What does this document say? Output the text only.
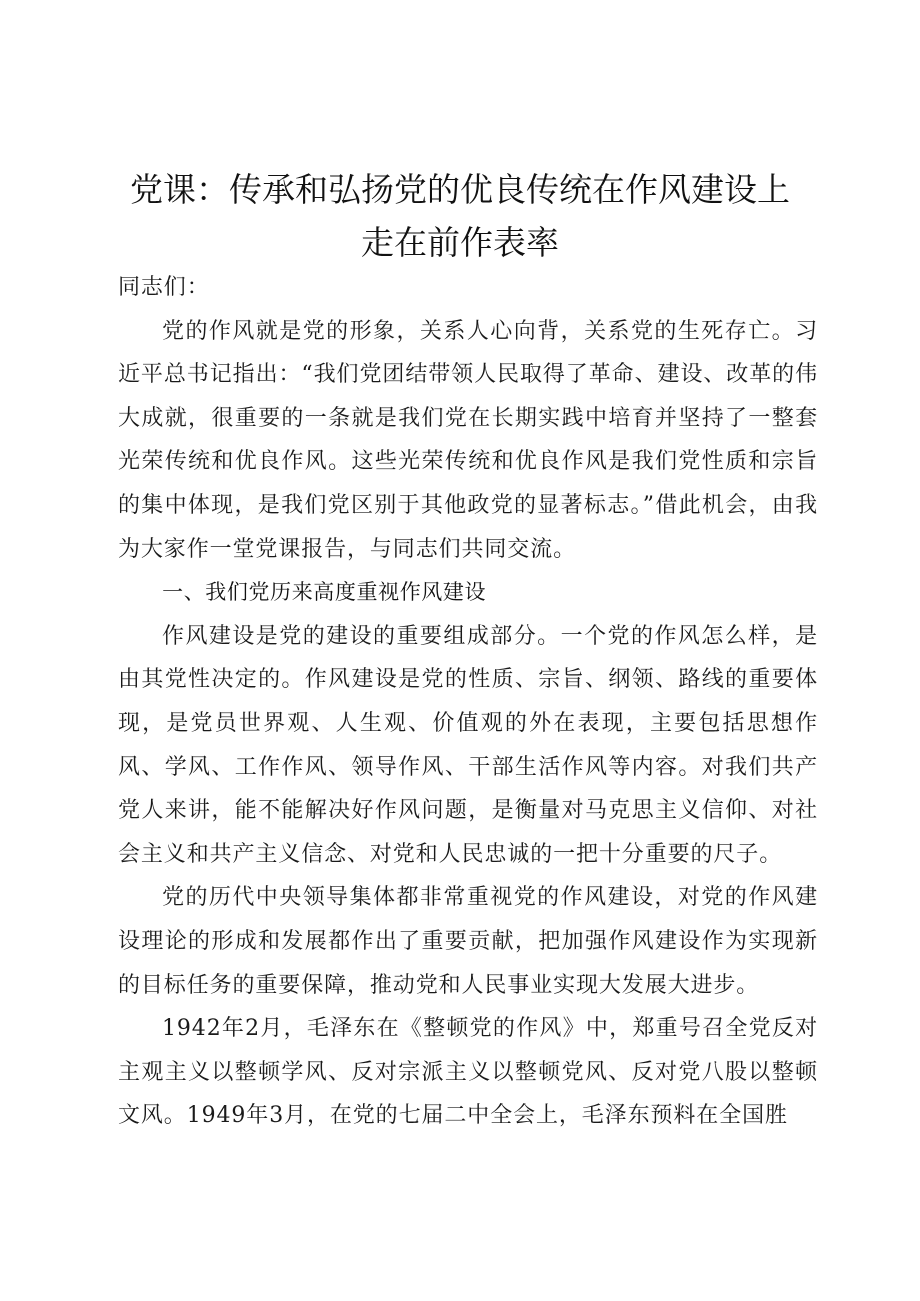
党课：传承和弘扬党的优良传统在作风建设上
走在前作表率

同志们：

党的作风就是党的形象，关系人心向背，关系党的生死存亡。习近平总书记指出：“我们党团结带领人民取得了革命、建设、改革的伟大成就，很重要的一条就是我们党在长期实践中培育并坚持了一整套光荣传统和优良作风。这些光荣传统和优良作风是我们党性质和宗旨的集中体现，是我们党区别于其他政党的显著标志。”借此机会，由我为大家作一堂党课报告，与同志们共同交流。

一、我们党历来高度重视作风建设

作风建设是党的建设的重要组成部分。一个党的作风怎么样，是由其党性决定的。作风建设是党的性质、宗旨、纲领、路线的重要体现，是党员世界观、人生观、价值观的外在表现，主要包括思想作风、学风、工作作风、领导作风、干部生活作风等内容。对我们共产党人来讲，能不能解决好作风问题，是衡量对马克思主义信仰、对社会主义和共产主义信念、对党和人民忠诚的一把十分重要的尺子。

党的历代中央领导集体都非常重视党的作风建设，对党的作风建设理论的形成和发展都作出了重要贡献，把加强作风建设作为实现新的目标任务的重要保障，推动党和人民事业实现大发展大进步。

1942年2月，毛泽东在《整顿党的作风》中，郑重号召全党反对主观主义以整顿学风、反对宗派主义以整顿党风、反对党八股以整顿文风。1949年3月，在党的七届二中全会上，毛泽东预料在全国胜
